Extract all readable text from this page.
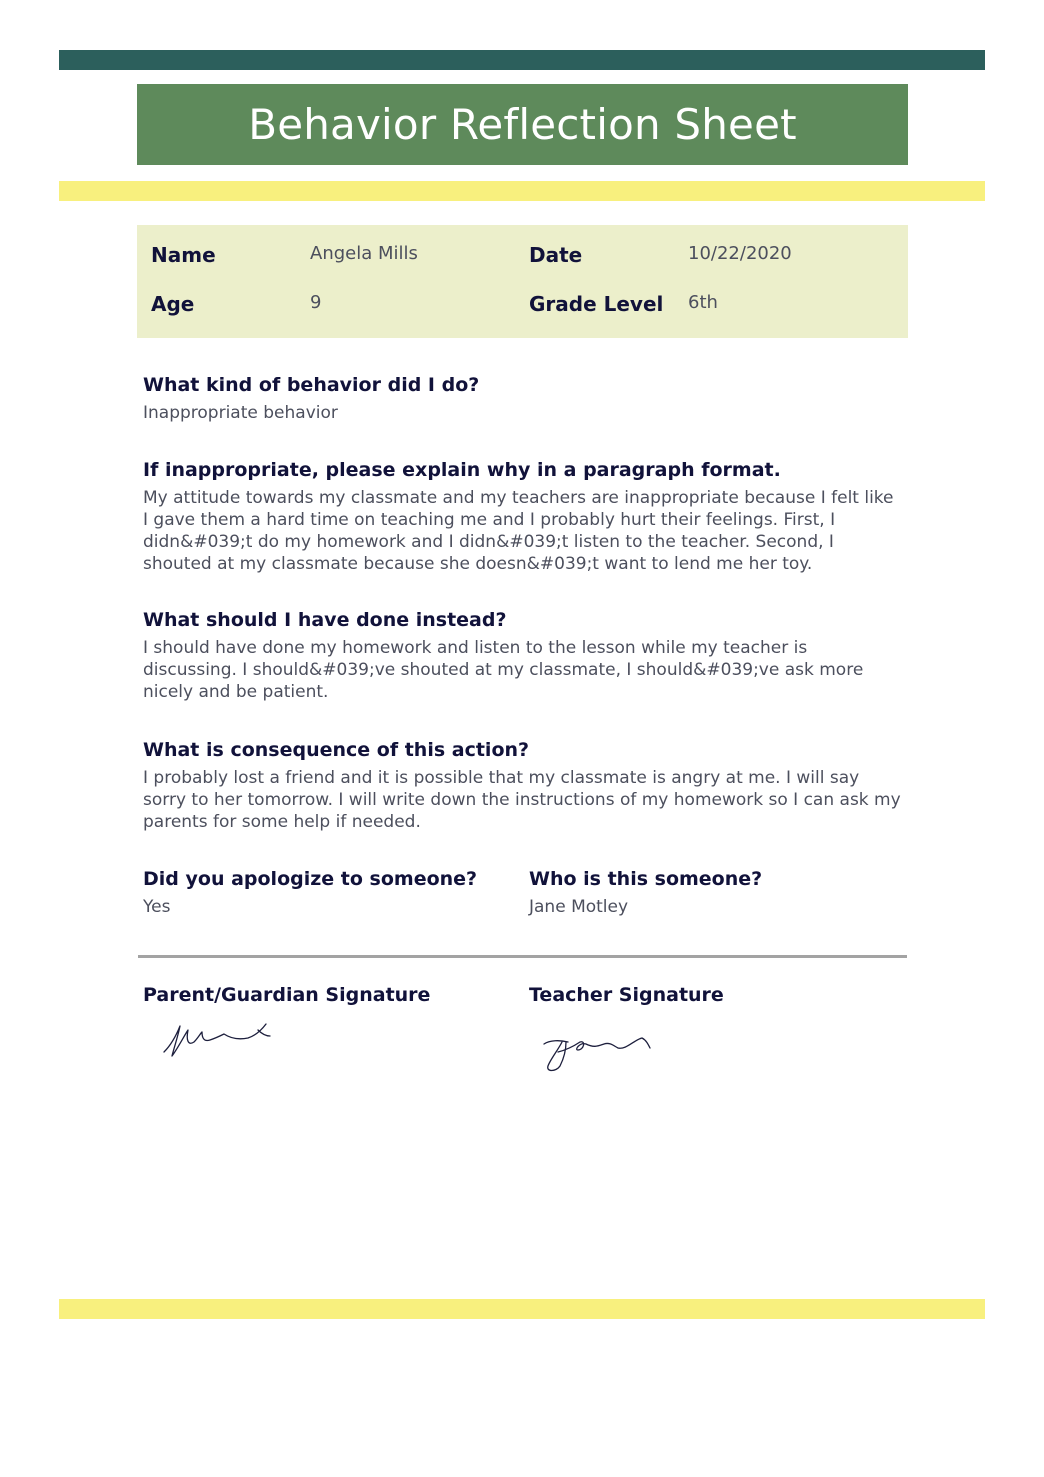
Behavior Reflection Sheet
Name	Angela Mills	Date	10/22/2020
Age	9	Grade Level 6th

What kind of behavior did I do?

Inappropriate behavior

If inappropriate, please explain why in a paragraph format.

My attitude towards my classmate and my teachers are inappropriate because I felt like I gave them a hard time on teaching me and I probably hurt their feelings. First, I didn&#039;t do my homework and I didn&#039;t listen to the teacher. Second, I shouted at my classmate because she doesn&#039;t want to lend me her toy.

What should I have done instead?

I should have done my homework and listen to the lesson while my teacher is discussing. I should&#039;ve shouted at my classmate, I should&#039;ve ask more nicely and be patient.

What is consequence of this action?

I probably lost a friend and it is possible that my classmate is angry at me. I will say sorry to her tomorrow. I will write down the instructions of my homework so I can ask my parents for some help if needed.

Did you apologize to someone?

Yes

Who is this someone?

Jane Motley

Parent/Guardian Signature	Teacher Signature
